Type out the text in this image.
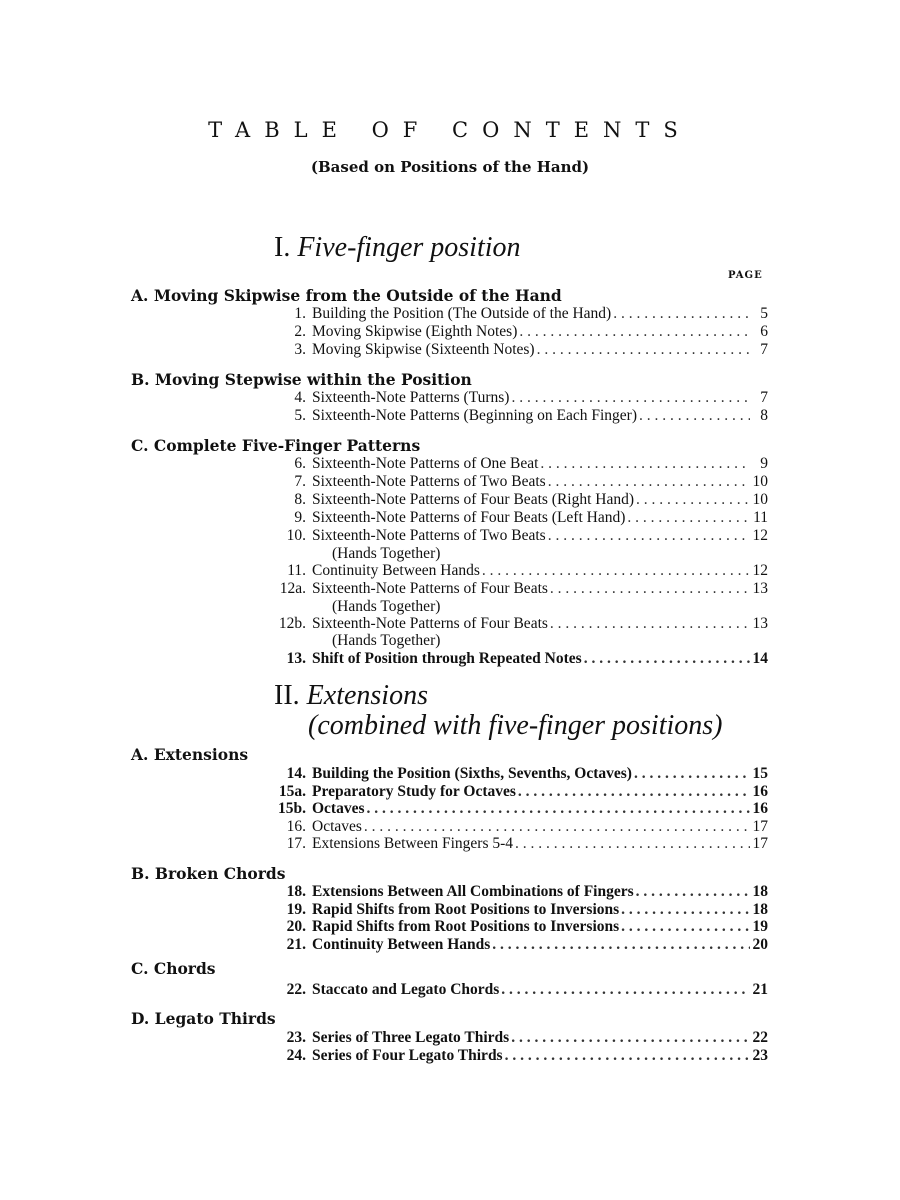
TABLE OF CONTENTS
(Based on Positions of the Hand)
I. Five-finger position
PAGE
A. Moving Skipwise from the Outside of the Hand
1. Building the Position (The Outside of the Hand) . . .	5
2. Moving Skipwise (Eighth Notes) . . .	6
3. Moving Skipwise (Sixteenth Notes) . . .	7
B. Moving Stepwise within the Position
4. Sixteenth-Note Patterns (Turns) . . .	7
5. Sixteenth-Note Patterns (Beginning on Each Finger) . . .	8
C. Complete Five-Finger Patterns
6. Sixteenth-Note Patterns of One Beat . . .	9
7. Sixteenth-Note Patterns of Two Beats . . .	10
8. Sixteenth-Note Patterns of Four Beats (Right Hand) . . .	10
9. Sixteenth-Note Patterns of Four Beats (Left Hand) . . .	11
10. Sixteenth-Note Patterns of Two Beats . . .	12
(Hands Together)
11. Continuity Between Hands . . .	12
12a. Sixteenth-Note Patterns of Four Beats . . .	13
(Hands Together)
12b. Sixteenth-Note Patterns of Four Beats . . .	13
(Hands Together)
13. Shift of Position through Repeated Notes . . .	14
II. Extensions
(combined with five-finger positions)
A. Extensions
14. Building the Position (Sixths, Sevenths, Octaves) . . .	15
15a. Preparatory Study for Octaves . . .	16
15b. Octaves . . .	16
16. Octaves . . .	17
17. Extensions Between Fingers 5-4 . . .	17
B. Broken Chords
18. Extensions Between All Combinations of Fingers . . .	18
19. Rapid Shifts from Root Positions to Inversions . . .	18
20. Rapid Shifts from Root Positions to Inversions . . .	19
21. Continuity Between Hands . . .	20
C. Chords
22. Staccato and Legato Chords . . .	21
D. Legato Thirds
23. Series of Three Legato Thirds . . .	22
24. Series of Four Legato Thirds . . .	23
